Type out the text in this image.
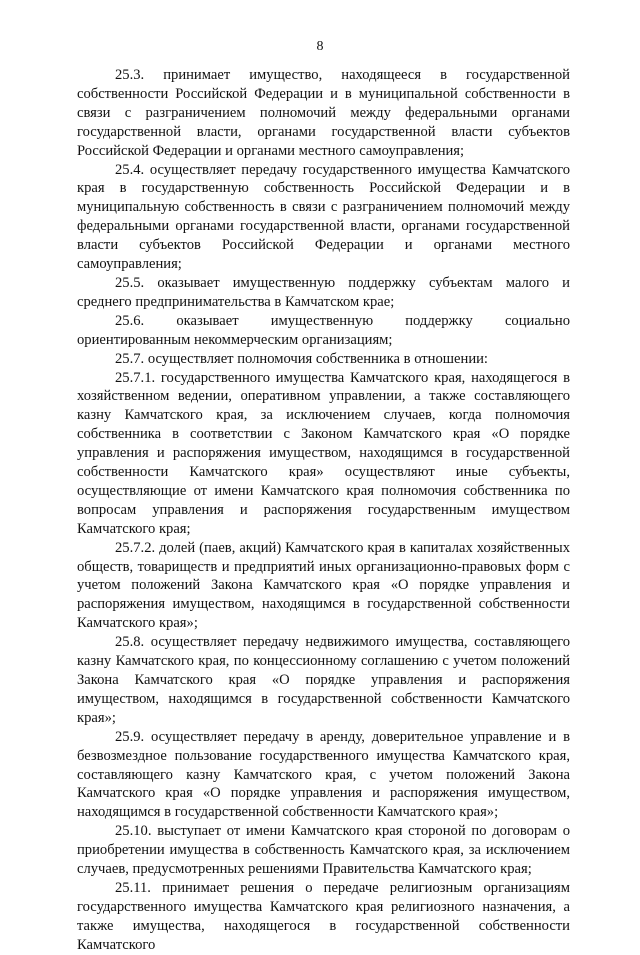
8

25.3. принимает имущество, находящееся в государственной собственности Российской Федерации и в муниципальной собственности в связи с разграничением полномочий между федеральными органами государственной власти, органами государственной власти субъектов Российской Федерации и органами местного самоуправления;

25.4. осуществляет передачу государственного имущества Камчатского края в государственную собственность Российской Федерации и в муниципальную собственность в связи с разграничением полномочий между федеральными органами государственной власти, органами государственной власти субъектов Российской Федерации и органами местного самоуправления;

25.5. оказывает имущественную поддержку субъектам малого и среднего предпринимательства в Камчатском крае;

25.6. оказывает имущественную поддержку социально ориентированным некоммерческим организациям;

25.7. осуществляет полномочия собственника в отношении:

25.7.1. государственного имущества Камчатского края, находящегося в хозяйственном ведении, оперативном управлении, а также составляющего казну Камчатского края, за исключением случаев, когда полномочия собственника в соответствии с Законом Камчатского края «О порядке управления и распоряжения имуществом, находящимся в государственной собственности Камчатского края» осуществляют иные субъекты, осуществляющие от имени Камчатского края полномочия собственника по вопросам управления и распоряжения государственным имуществом Камчатского края;

25.7.2. долей (паев, акций) Камчатского края в капиталах хозяйственных обществ, товариществ и предприятий иных организационно-правовых форм с учетом положений Закона Камчатского края «О порядке управления и распоряжения имуществом, находящимся в государственной собственности Камчатского края»;

25.8. осуществляет передачу недвижимого имущества, составляющего казну Камчатского края, по концессионному соглашению с учетом положений Закона Камчатского края «О порядке управления и распоряжения имуществом, находящимся в государственной собственности Камчатского края»;

25.9. осуществляет передачу в аренду, доверительное управление и в безвозмездное пользование государственного имущества Камчатского края, составляющего казну Камчатского края, с учетом положений Закона Камчатского края «О порядке управления и распоряжения имуществом, находящимся в государственной собственности Камчатского края»;

25.10. выступает от имени Камчатского края стороной по договорам о приобретении имущества в собственность Камчатского края, за исключением случаев, предусмотренных решениями Правительства Камчатского края;

25.11. принимает решения о передаче религиозным организациям государственного имущества Камчатского края религиозного назначения, а также имущества, находящегося в государственной собственности Камчатского
